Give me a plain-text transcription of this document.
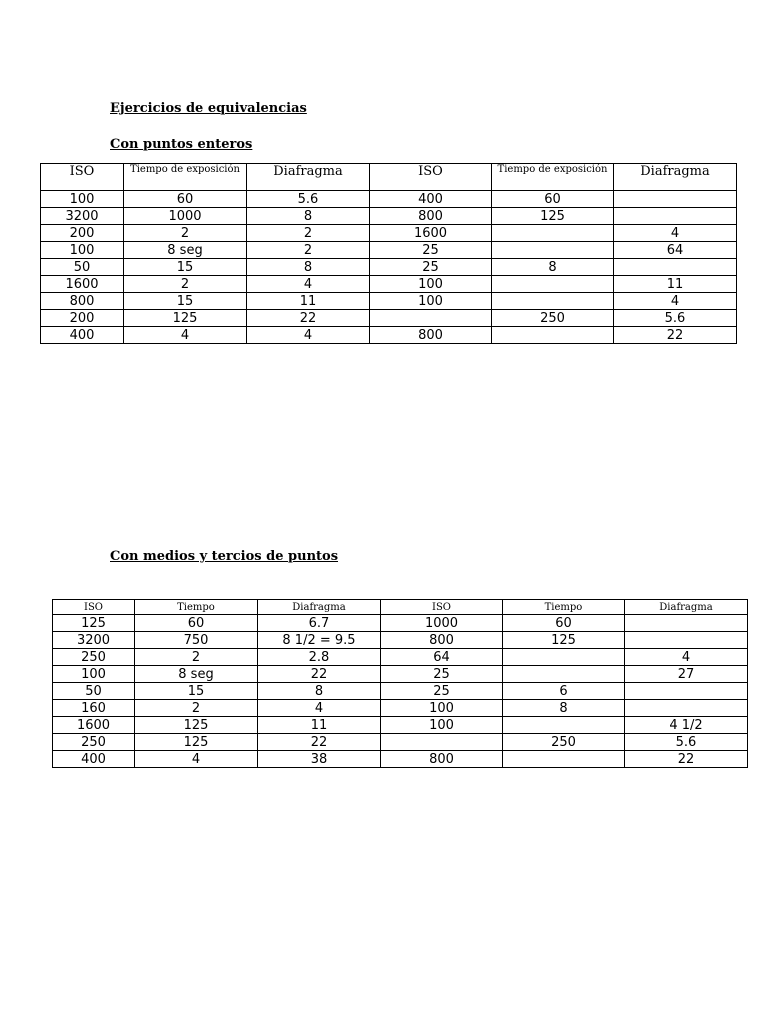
Ejercicios de equivalencias
Con puntos enteros
ISO	Tiempo de exposición	Diafragma	ISO	Tiempo de exposición	Diafragma
100	60	5.6	400	60	
3200	1000	8	800	125	
200	2	2	1600		4
100	8 seg	2	25		64
50	15	8	25	8	
1600	2	4	100		11
800	15	11	100		4
200	125	22		250	5.6
400	4	4	800		22
Con medios y tercios de puntos
ISO	Tiempo	Diafragma	ISO	Tiempo	Diafragma
125	60	6.7	1000	60	
3200	750	8 1/2 = 9.5	800	125	
250	2	2.8	64		4
100	8 seg	22	25		27
50	15	8	25	6	
160	2	4	100	8	
1600	125	11	100		4 1/2
250	125	22		250	5.6
400	4	38	800		22
